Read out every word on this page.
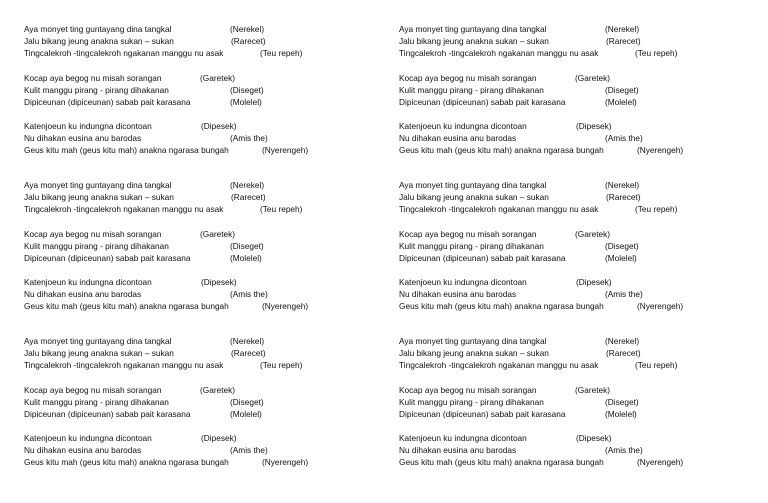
Aya monyet ting guntayang dina tangkal	(Nerekel)
Jalu bikang jeung anakna sukan – sukan	(Rarecet)
Tingcalekroh -tingcalekroh ngakanan manggu nu asak	(Teu repeh)
Kocap aya begog nu misah sorangan	(Garetek)
Kulit manggu pirang - pirang dihakanan	(Diseget)
Dipiceunan (dipiceunan) sabab pait karasana	(Molelel)
Katenjoeun ku indungna dicontoan	(Dipesek)
Nu dihakan eusina anu barodas	(Amis the)
Geus kitu mah (geus kitu mah) anakna ngarasa bungah	(Nyerengeh)
Aya monyet ting guntayang dina tangkal	(Nerekel)
Jalu bikang jeung anakna sukan – sukan	(Rarecet)
Tingcalekroh -tingcalekroh ngakanan manggu nu asak	(Teu repeh)
Kocap aya begog nu misah sorangan	(Garetek)
Kulit manggu pirang - pirang dihakanan	(Diseget)
Dipiceunan (dipiceunan) sabab pait karasana	(Molelel)
Katenjoeun ku indungna dicontoan	(Dipesek)
Nu dihakan eusina anu barodas	(Amis the)
Geus kitu mah (geus kitu mah) anakna ngarasa bungah	(Nyerengeh)
Aya monyet ting guntayang dina tangkal	(Nerekel)
Jalu bikang jeung anakna sukan – sukan	(Rarecet)
Tingcalekroh -tingcalekroh ngakanan manggu nu asak	(Teu repeh)
Kocap aya begog nu misah sorangan	(Garetek)
Kulit manggu pirang - pirang dihakanan	(Diseget)
Dipiceunan (dipiceunan) sabab pait karasana	(Molelel)
Katenjoeun ku indungna dicontoan	(Dipesek)
Nu dihakan eusina anu barodas	(Amis the)
Geus kitu mah (geus kitu mah) anakna ngarasa bungah	(Nyerengeh)
Aya monyet ting guntayang dina tangkal	(Nerekel)
Jalu bikang jeung anakna sukan – sukan	(Rarecet)
Tingcalekroh -tingcalekroh ngakanan manggu nu asak	(Teu repeh)
Kocap aya begog nu misah sorangan	(Garetek)
Kulit manggu pirang - pirang dihakanan	(Diseget)
Dipiceunan (dipiceunan) sabab pait karasana	(Molelel)
Katenjoeun ku indungna dicontoan	(Dipesek)
Nu dihakan eusina anu barodas	(Amis the)
Geus kitu mah (geus kitu mah) anakna ngarasa bungah	(Nyerengeh)
Aya monyet ting guntayang dina tangkal	(Nerekel)
Jalu bikang jeung anakna sukan – sukan	(Rarecet)
Tingcalekroh -tingcalekroh ngakanan manggu nu asak	(Teu repeh)
Kocap aya begog nu misah sorangan	(Garetek)
Kulit manggu pirang - pirang dihakanan	(Diseget)
Dipiceunan (dipiceunan) sabab pait karasana	(Molelel)
Katenjoeun ku indungna dicontoan	(Dipesek)
Nu dihakan eusina anu barodas	(Amis the)
Geus kitu mah (geus kitu mah) anakna ngarasa bungah	(Nyerengeh)
Aya monyet ting guntayang dina tangkal	(Nerekel)
Jalu bikang jeung anakna sukan – sukan	(Rarecet)
Tingcalekroh -tingcalekroh ngakanan manggu nu asak	(Teu repeh)
Kocap aya begog nu misah sorangan	(Garetek)
Kulit manggu pirang - pirang dihakanan	(Diseget)
Dipiceunan (dipiceunan) sabab pait karasana	(Molelel)
Katenjoeun ku indungna dicontoan	(Dipesek)
Nu dihakan eusina anu barodas	(Amis the)
Geus kitu mah (geus kitu mah) anakna ngarasa bungah	(Nyerengeh)
